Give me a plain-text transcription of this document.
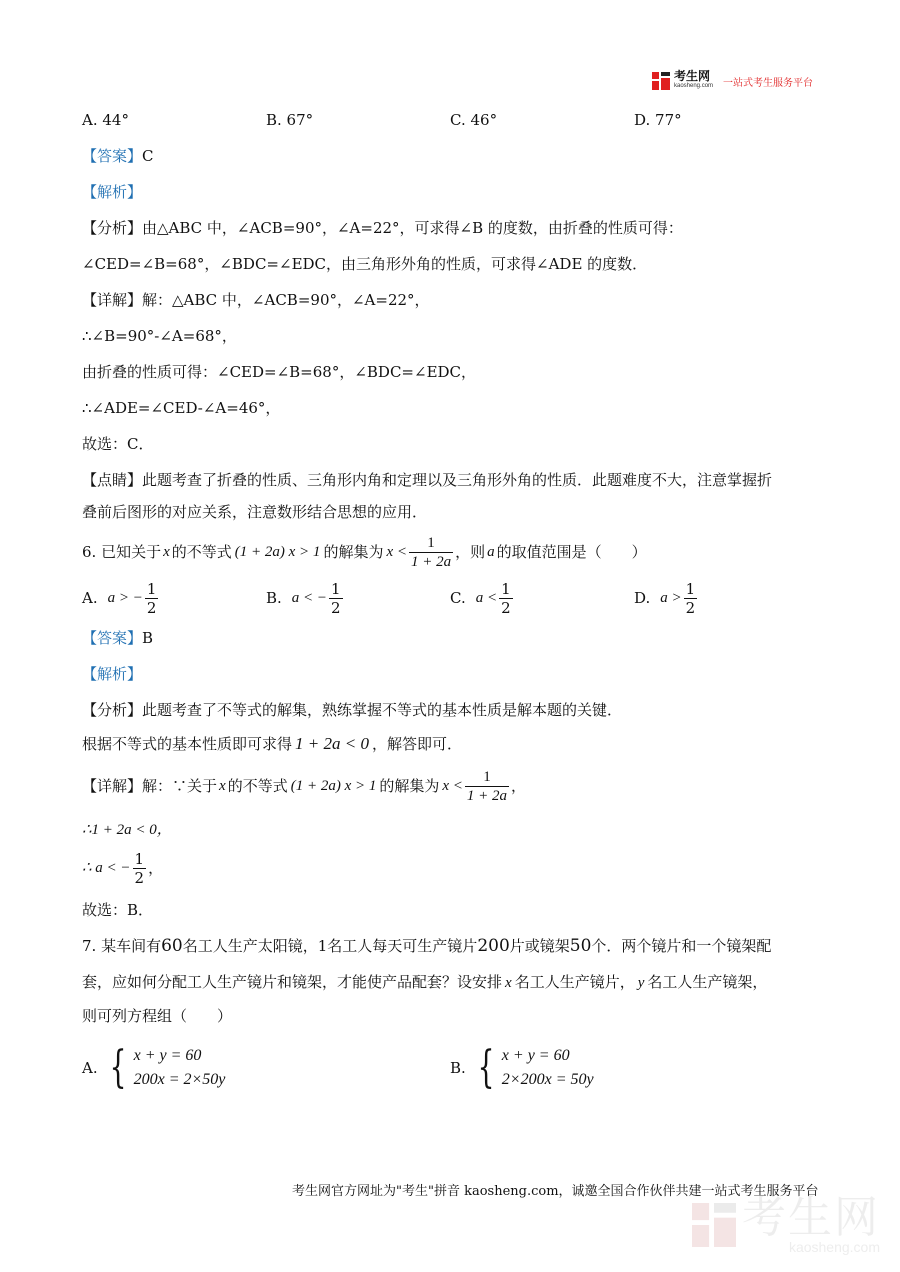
考生网
kaosheng.com 一站式考生服务平台
A. 44°	B. 67°	C. 46°	D. 77°
【答案】C
【解析】
【分析】由△ABC 中，∠ACB=90°，∠A=22°，可求得∠B 的度数，由折叠的性质可得：
∠CED=∠B=68°，∠BDC=∠EDC，由三角形外角的性质，可求得∠ADE 的度数．
【详解】解：△ABC 中，∠ACB=90°，∠A=22°，
∴∠B=90°-∠A=68°，
由折叠的性质可得：∠CED=∠B=68°，∠BDC=∠EDC，
∴∠ADE=∠CED-∠A=46°，
故选：C．
【点睛】此题考查了折叠的性质、三角形内角和定理以及三角形外角的性质．此题难度不大，注意掌握折
叠前后图形的对应关系，注意数形结合思想的应用．
6. 已知关于 x 的不等式 (1 + 2a) x > 1 的解集为 $x < \frac{1}{1 + 2a}$ ，则 a 的取值范围是（　　）
A. a > − $\frac{1}{2}$	B. a < − $\frac{1}{2}$	C. $a < \frac{1}{2}$	D. $a > \frac{1}{2}$
【答案】B
【解析】
【分析】此题考查了不等式的解集，熟练掌握不等式的基本性质是解本题的关键．
根据不等式的基本性质即可求得 1 + 2a < 0 ，解答即可．
【详解】 解：∵关于 x 的不等式 (1 + 2a) x > 1 的解集为 $x < \frac{1}{1 + 2a}$ ，
∴1 + 2a < 0，
∴ a < − $\frac{1}{2}$ ，
故选：B．
7. 某车间有60名工人生产太阳镜，1名工人每天可生产镜片200片或镜架50个．两个镜片和一个镜架配
套，应如何分配工人生产镜片和镜架，才能使产品配套？设安排 x 名工人生产镜片， y 名工人生产镜架，
则可列方程组（　　）
A. { x + y = 60
200x = 2×50y
B. { x + y = 60
2×200x = 50y
考生网官方网址为"考生"拼音 kaosheng.com，诚邀全国合作伙伴共建一站式考生服务平台
考生网
kaosheng.com
